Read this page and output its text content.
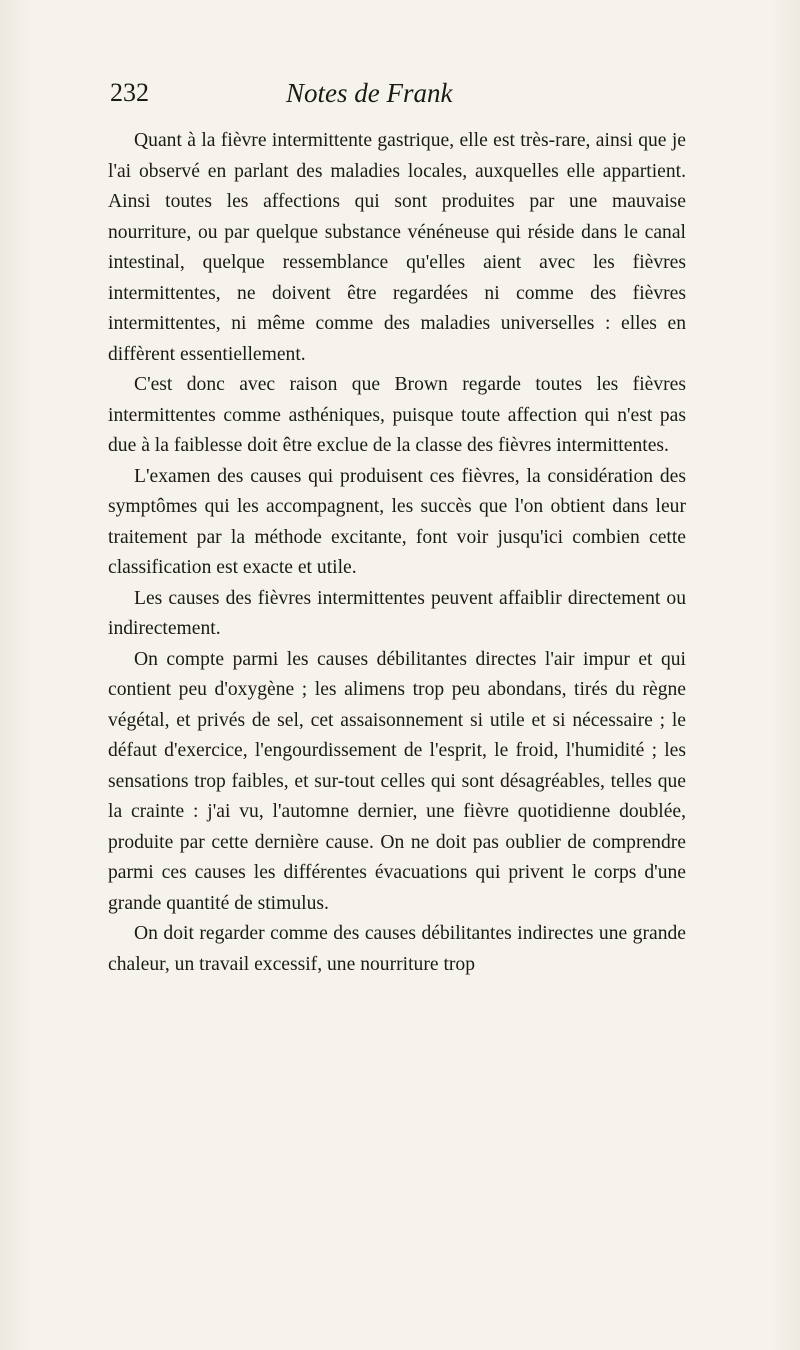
232	Notes de Frank

Quant à la fièvre intermittente gastrique, elle est très-rare, ainsi que je l'ai observé en parlant des maladies locales, auxquelles elle appartient. Ainsi toutes les affections qui sont produites par une mauvaise nourriture, ou par quelque substance vénéneuse qui réside dans le canal intestinal, quelque ressemblance qu'elles aient avec les fièvres intermittentes, ne doivent être regardées ni comme des fièvres intermittentes, ni même comme des maladies universelles : elles en diffèrent essentiellement.

C'est donc avec raison que Brown regarde toutes les fièvres intermittentes comme asthéniques, puisque toute affection qui n'est pas due à la faiblesse doit être exclue de la classe des fièvres intermittentes.

L'examen des causes qui produisent ces fièvres, la considération des symptômes qui les accompagnent, les succès que l'on obtient dans leur traitement par la méthode excitante, font voir jusqu'ici combien cette classification est exacte et utile.

Les causes des fièvres intermittentes peuvent affaiblir directement ou indirectement.

On compte parmi les causes débilitantes directes l'air impur et qui contient peu d'oxygène ; les alimens trop peu abondans, tirés du règne végétal, et privés de sel, cet assaisonnement si utile et si nécessaire ; le défaut d'exercice, l'engourdissement de l'esprit, le froid, l'humidité ; les sensations trop faibles, et sur-tout celles qui sont désagréables, telles que la crainte : j'ai vu, l'automne dernier, une fièvre quotidienne doublée, produite par cette dernière cause. On ne doit pas oublier de comprendre parmi ces causes les différentes évacuations qui privent le corps d'une grande quantité de stimulus.

On doit regarder comme des causes débilitantes indirectes une grande chaleur, un travail excessif, une nourriture trop
